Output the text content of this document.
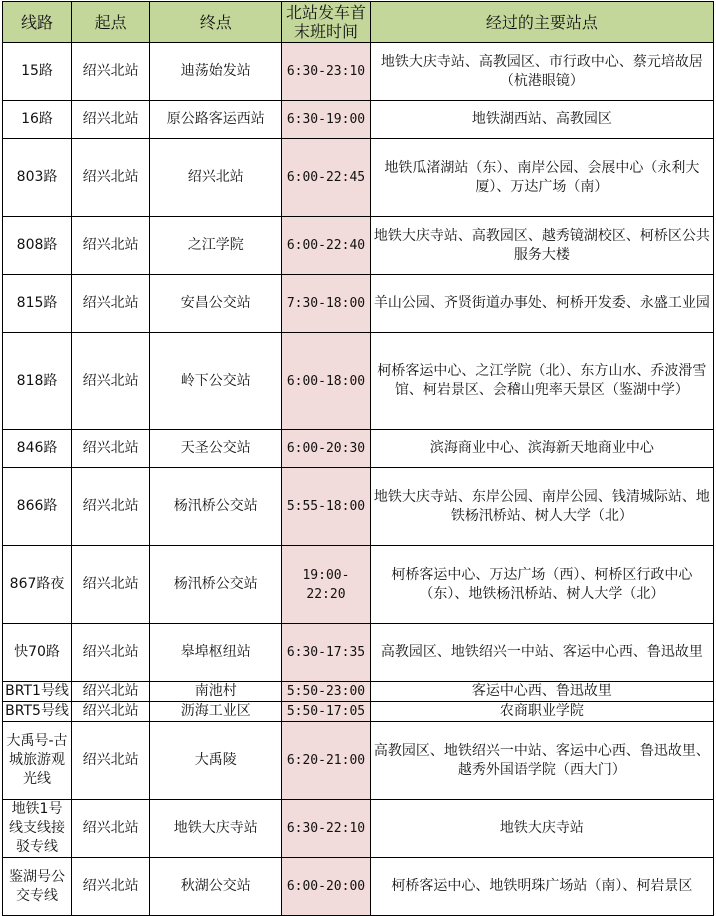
线路	起点	终点	北站发车首末班时间	经过的主要站点
15路	绍兴北站	迪荡始发站	6:30-23:10	地铁大庆寺站、高教园区、市行政中心、蔡元培故居（杭港眼镜）
16路	绍兴北站	原公路客运西站	6:30-19:00	地铁湖西站、高教园区
803路	绍兴北站	绍兴北站	6:00-22:45	地铁瓜渚湖站（东）、南岸公园、会展中心（永利大厦）、万达广场（南）
808路	绍兴北站	之江学院	6:00-22:40	地铁大庆寺站、高教园区、越秀镜湖校区、柯桥区公共服务大楼
815路	绍兴北站	安昌公交站	7:30-18:00	羊山公园、齐贤街道办事处、柯桥开发委、永盛工业园
818路	绍兴北站	岭下公交站	6:00-18:00	柯桥客运中心、之江学院（北）、东方山水、乔波滑雪馆、柯岩景区、会稽山兜率天景区（鉴湖中学）
846路	绍兴北站	天圣公交站	6:00-20:30	滨海商业中心、滨海新天地商业中心
866路	绍兴北站	杨汛桥公交站	5:55-18:00	地铁大庆寺站、东岸公园、南岸公园、钱清城际站、地铁杨汛桥站、树人大学（北）
867路夜	绍兴北站	杨汛桥公交站	19:00-22:20	柯桥客运中心、万达广场（西）、柯桥区行政中心（东）、地铁杨汛桥站、树人大学（北）
快70路	绍兴北站	皋埠枢纽站	6:30-17:35	高教园区、地铁绍兴一中站、客运中心西、鲁迅故里
BRT1号线	绍兴北站	南池村	5:50-23:00	客运中心西、鲁迅故里
BRT5号线	绍兴北站	沥海工业区	5:50-17:05	农商职业学院
大禹号-古城旅游观光线	绍兴北站	大禹陵	6:20-21:00	高教园区、地铁绍兴一中站、客运中心西、鲁迅故里、越秀外国语学院（西大门）
地铁1号线支线接驳专线	绍兴北站	地铁大庆寺站	6:30-22:10	地铁大庆寺站
鉴湖号公交专线	绍兴北站	秋湖公交站	6:00-20:00	柯桥客运中心、地铁明珠广场站（南）、柯岩景区
